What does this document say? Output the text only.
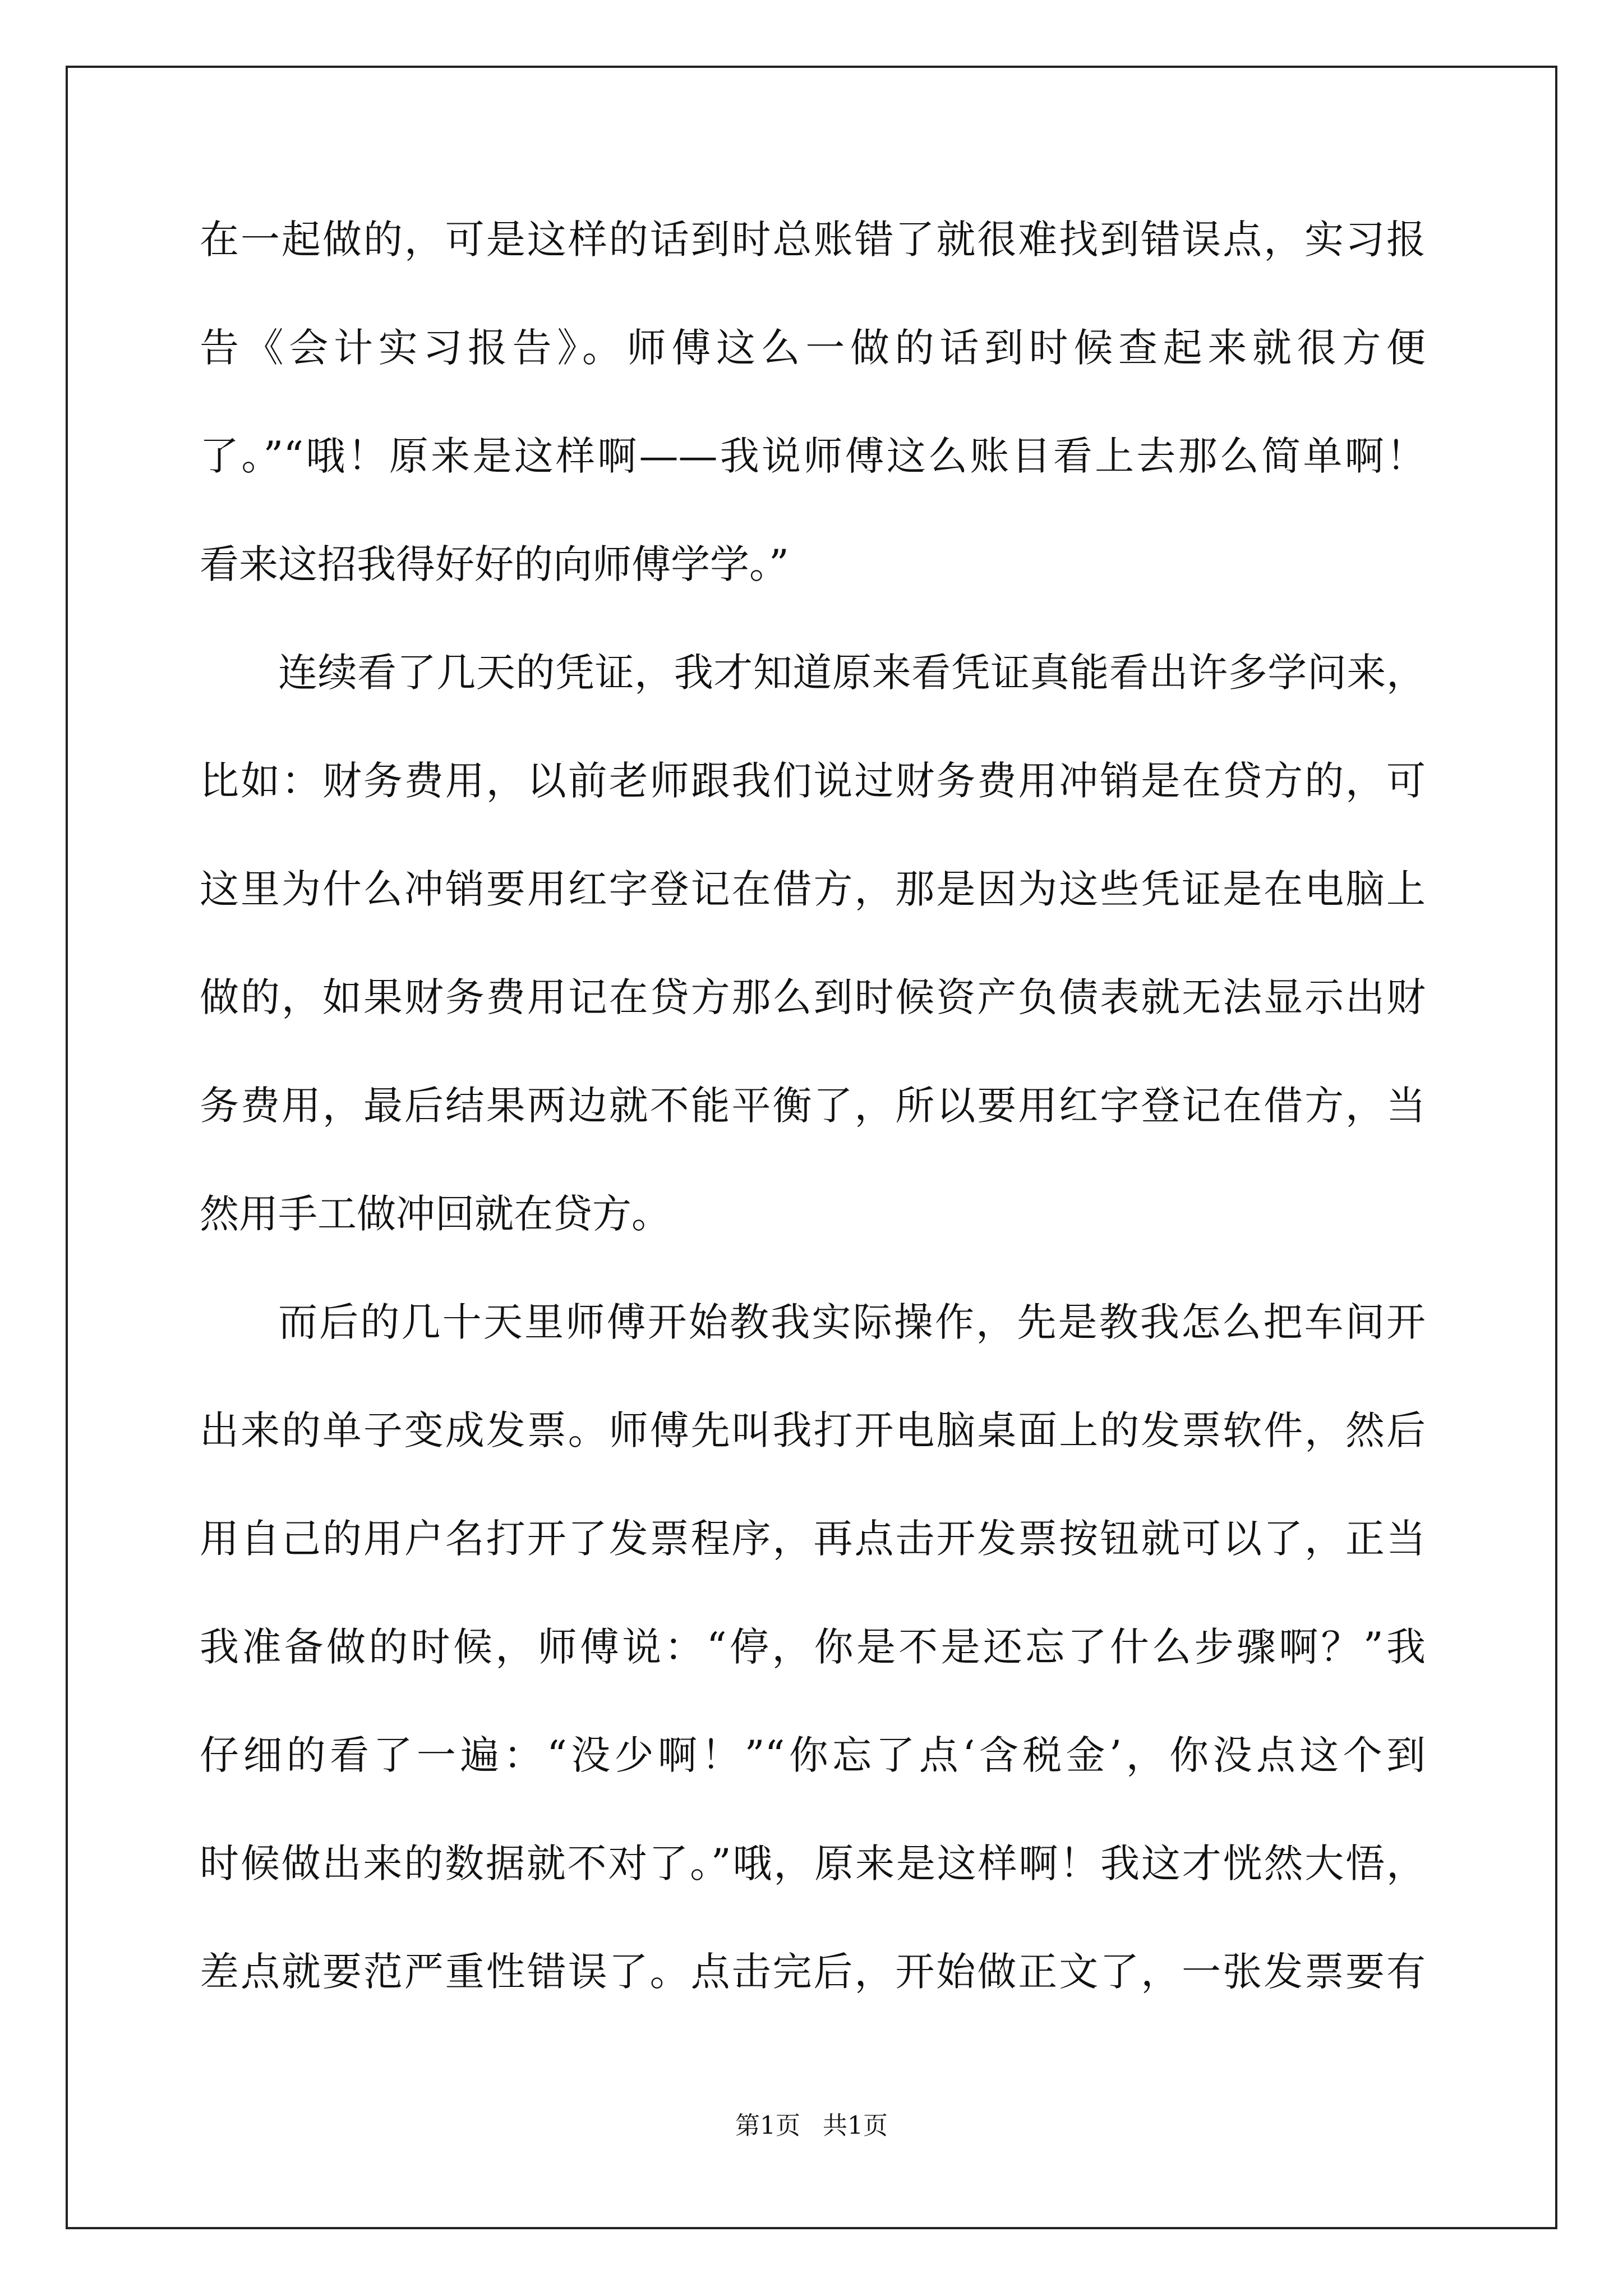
在一起做的，可是这样的话到时总账错了就很难找到错误点，实习报
告《会计实习报告》。师傅这么一做的话到时候查起来就很方便
了。”“哦！原来是这样啊——我说师傅这么账目看上去那么简单啊！
看来这招我得好好的向师傅学学。”
连续看了几天的凭证，我才知道原来看凭证真能看出许多学问来，
比如：财务费用，以前老师跟我们说过财务费用冲销是在贷方的，可
这里为什么冲销要用红字登记在借方，那是因为这些凭证是在电脑上
做的，如果财务费用记在贷方那么到时候资产负债表就无法显示出财
务费用，最后结果两边就不能平衡了，所以要用红字登记在借方，当
然用手工做冲回就在贷方。
而后的几十天里师傅开始教我实际操作，先是教我怎么把车间开
出来的单子变成发票。师傅先叫我打开电脑桌面上的发票软件，然后
用自己的用户名打开了发票程序，再点击开发票按钮就可以了，正当
我准备做的时候，师傅说：“停，你是不是还忘了什么步骤啊？”我
仔细的看了一遍：“没少啊！”“你忘了点‘含税金’，你没点这个到
时候做出来的数据就不对了。”哦，原来是这样啊！我这才恍然大悟，
差点就要范严重性错误了。点击完后，开始做正文了，一张发票要有
第1页 共1页
